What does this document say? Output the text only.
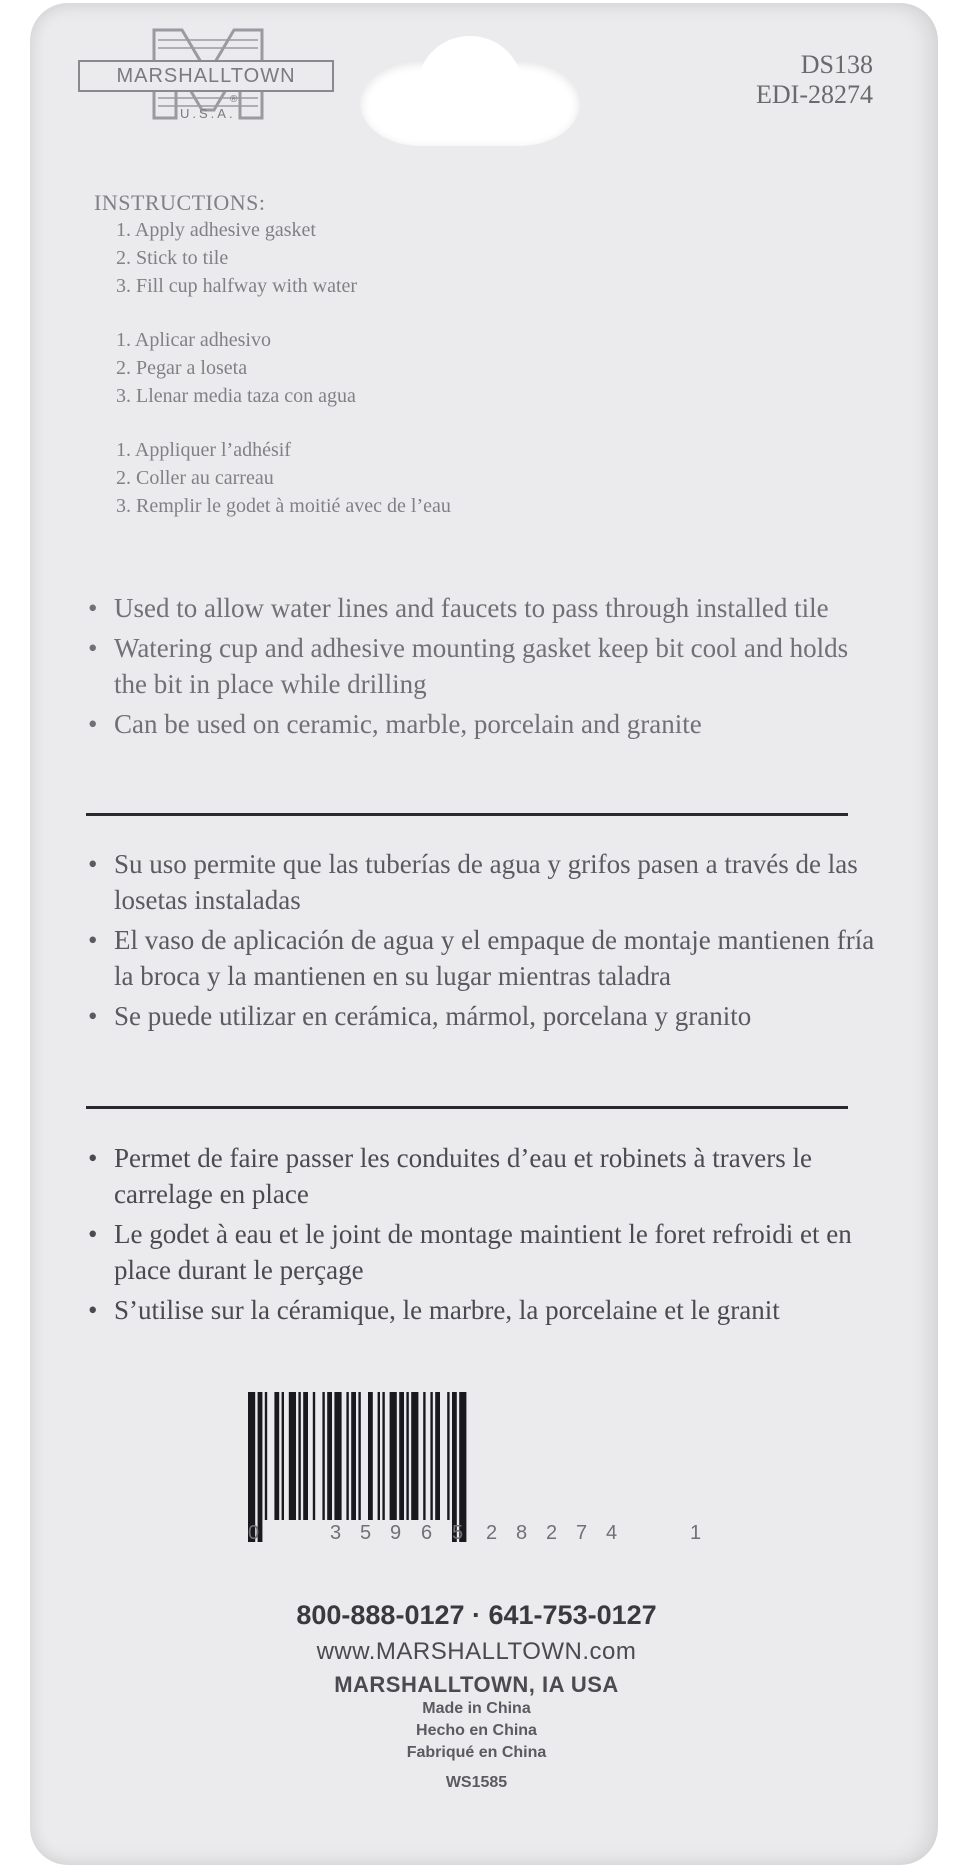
MARSHALLTOWN
®
U.S.A.
DS138
EDI-28274
INSTRUCTIONS:
1. Apply adhesive gasket
2. Stick to tile
3. Fill cup halfway with water
1. Aplicar adhesivo
2. Pegar a loseta
3. Llenar media taza con agua
1. Appliquer l’adhésif
2. Coller au carreau
3. Remplir le godet à moitié avec de l’eau
• Used to allow water lines and faucets to pass through installed tile
• Watering cup and adhesive mounting gasket keep bit cool and holds the bit in place while drilling
• Can be used on ceramic, marble, porcelain and granite
• Su uso permite que las tuberías de agua y grifos pasen a través de las losetas instaladas
• El vaso de aplicación de agua y el empaque de montaje mantienen fría la broca y la mantienen en su lugar mientras taladra
• Se puede utilizar en cerámica, mármol, porcelana y granito
• Permet de faire passer les conduites d’eau et robinets à travers le carrelage en place
• Le godet à eau et le joint de montage maintient le foret refroidi et en place durant le perçage
• S’utilise sur la céramique, le marbre, la porcelaine et le granit
0	3 5 9 6 5 2 8 2 7 4	1
800-888-0127 · 641-753-0127
www.MARSHALLTOWN.com
MARSHALLTOWN, IA USA
Made in China
Hecho en China
Fabriqué en China
WS1585
